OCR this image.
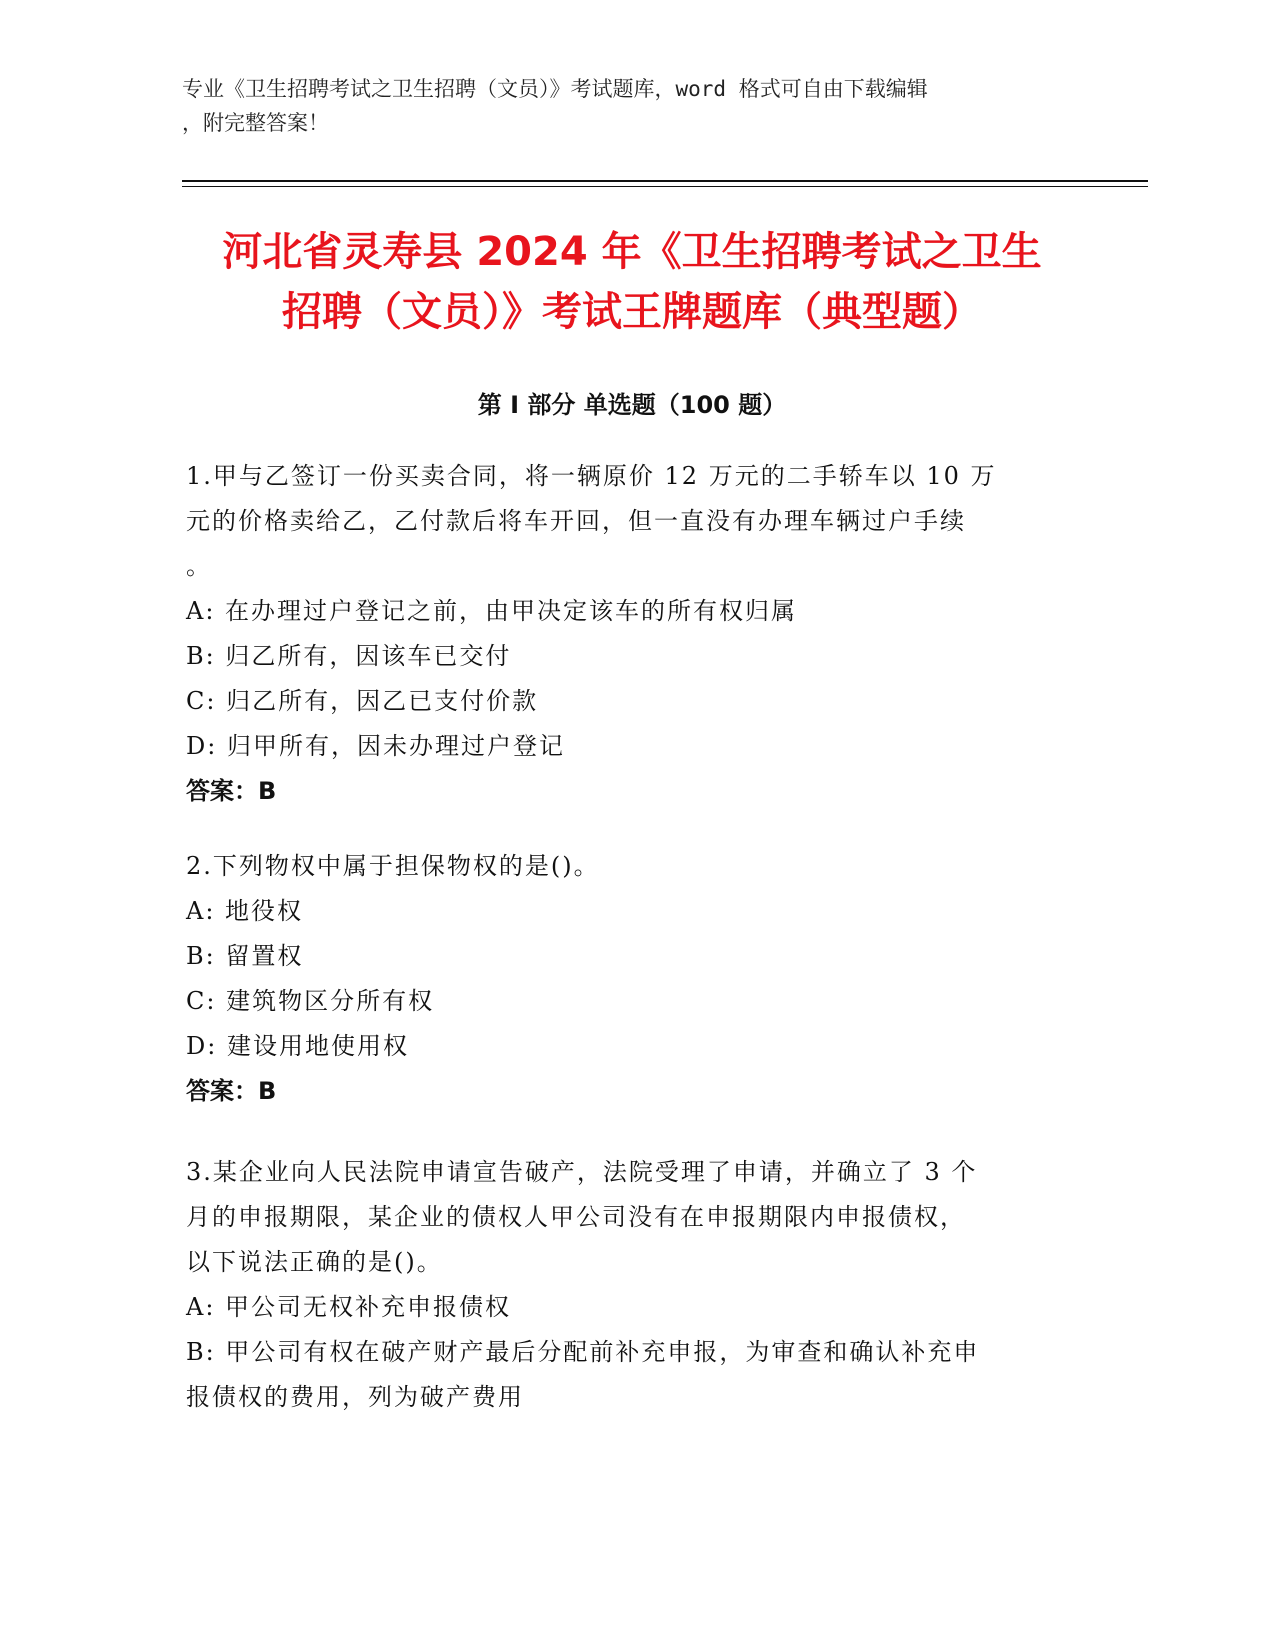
专业《卫生招聘考试之卫生招聘（文员）》考试题库，word 格式可自由下载编辑
，附完整答案！
河北省灵寿县 2024 年《卫生招聘考试之卫生
招聘（文员）》考试王牌题库（典型题）
第 I 部分 单选题（100 题）
1.甲与乙签订一份买卖合同，将一辆原价 12 万元的二手轿车以 10 万
元的价格卖给乙，乙付款后将车开回，但一直没有办理车辆过户手续
。
A: 在办理过户登记之前，由甲决定该车的所有权归属
B: 归乙所有，因该车已交付
C: 归乙所有，因乙已支付价款
D: 归甲所有，因未办理过户登记
答案：B
2.下列物权中属于担保物权的是()。
A: 地役权
B: 留置权
C: 建筑物区分所有权
D: 建设用地使用权
答案：B
3.某企业向人民法院申请宣告破产，法院受理了申请，并确立了 3 个
月的申报期限，某企业的债权人甲公司没有在申报期限内申报债权，
以下说法正确的是()。
A: 甲公司无权补充申报债权
B: 甲公司有权在破产财产最后分配前补充申报，为审查和确认补充申
报债权的费用，列为破产费用
